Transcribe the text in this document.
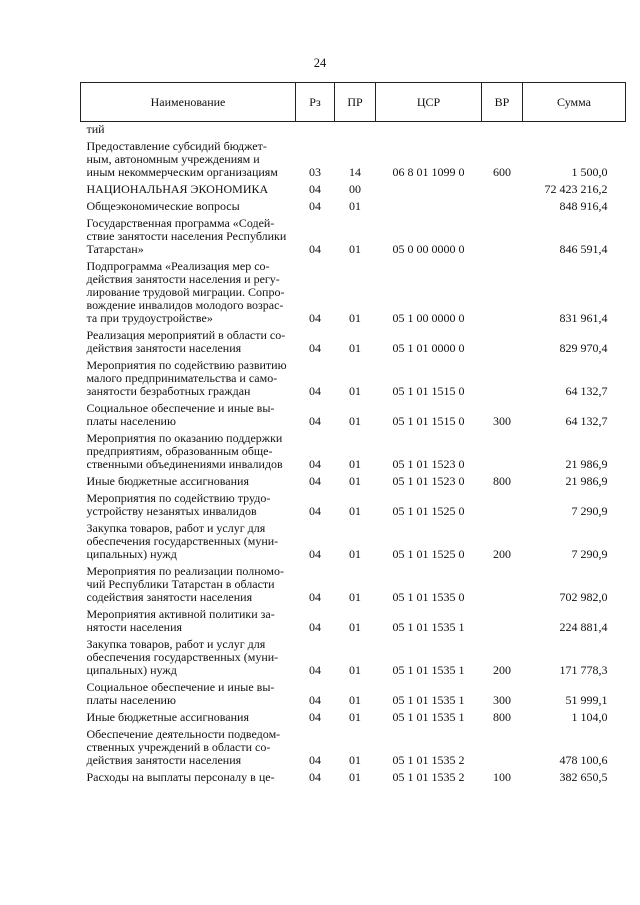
24
Наименование	Рз	ПР	ЦСР	ВР	Сумма
тий					
Предоставление субсидий бюджет-
ным, автономным учреждениям и
иным некоммерческим организациям	03	14	06 8 01 1099 0	600	1 500,0
НАЦИОНАЛЬНАЯ ЭКОНОМИКА	04	00			72 423 216,2
Общеэкономические вопросы	04	01			848 916,4
Государственная программа «Содей-
ствие занятости населения Республики
Татарстан»	04	01	05 0 00 0000 0		846 591,4
Подпрограмма «Реализация мер со-
действия занятости населения и регу-
лирование трудовой миграции. Сопро-
вождение инвалидов молодого возрас-
та при трудоустройстве»	04	01	05 1 00 0000 0		831 961,4
Реализация мероприятий в области со-
действия занятости населения	04	01	05 1 01 0000 0		829 970,4
Мероприятия по содействию развитию
малого предпринимательства и само-
занятости безработных граждан	04	01	05 1 01 1515 0		64 132,7
Социальное обеспечение и иные вы-
платы населению	04	01	05 1 01 1515 0	300	64 132,7
Мероприятия по оказанию поддержки
предприятиям, образованным обще-
ственными объединениями инвалидов	04	01	05 1 01 1523 0		21 986,9
Иные бюджетные ассигнования	04	01	05 1 01 1523 0	800	21 986,9
Мероприятия по содействию трудо-
устройству незанятых инвалидов	04	01	05 1 01 1525 0		7 290,9
Закупка товаров, работ и услуг для
обеспечения государственных (муни-
ципальных) нужд	04	01	05 1 01 1525 0	200	7 290,9
Мероприятия по реализации полномо-
чий Республики Татарстан в области
содействия занятости населения	04	01	05 1 01 1535 0		702 982,0
Мероприятия активной политики за-
нятости населения	04	01	05 1 01 1535 1		224 881,4
Закупка товаров, работ и услуг для
обеспечения государственных (муни-
ципальных) нужд	04	01	05 1 01 1535 1	200	171 778,3
Социальное обеспечение и иные вы-
платы населению	04	01	05 1 01 1535 1	300	51 999,1
Иные бюджетные ассигнования	04	01	05 1 01 1535 1	800	1 104,0
Обеспечение деятельности подведом-
ственных учреждений в области со-
действия занятости населения	04	01	05 1 01 1535 2		478 100,6
Расходы на выплаты персоналу в це-	04	01	05 1 01 1535 2	100	382 650,5
